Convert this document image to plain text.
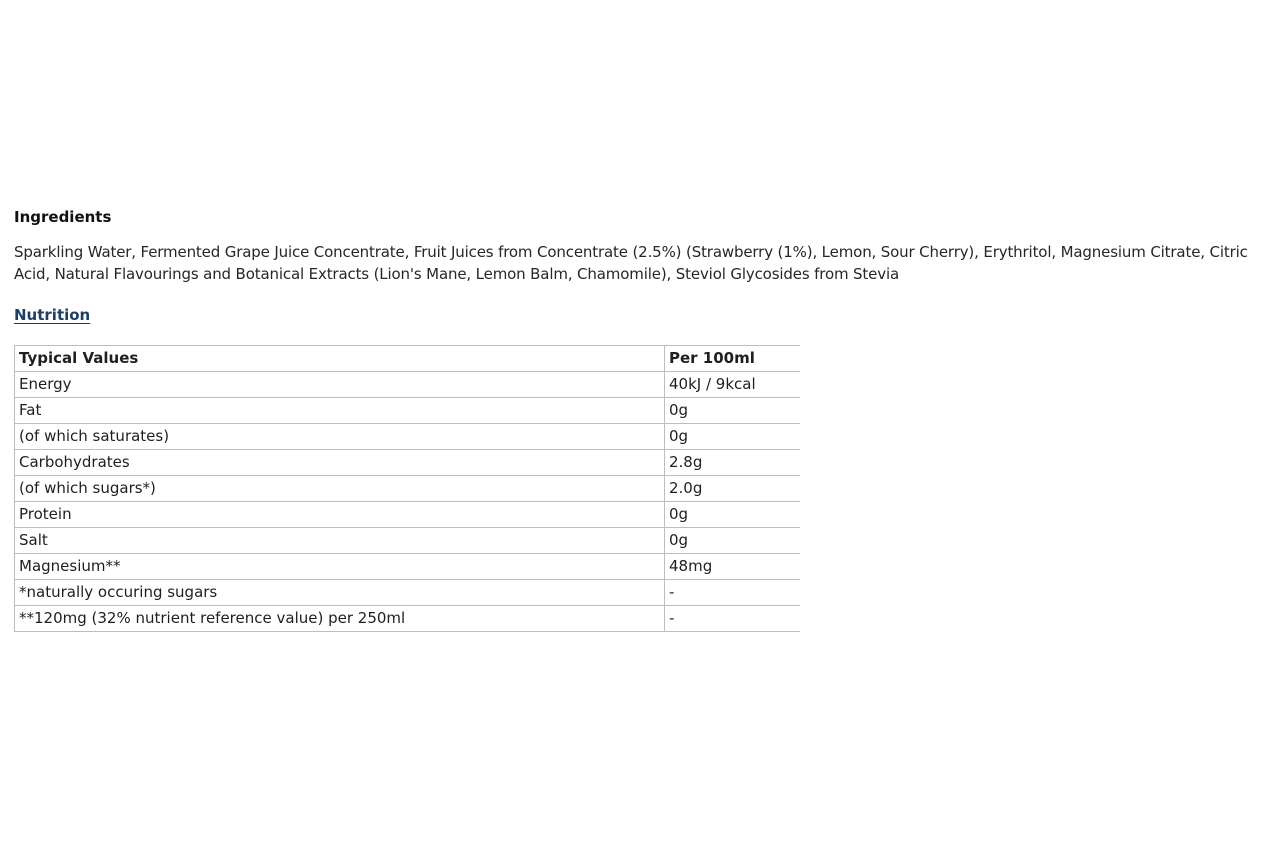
Ingredients

Sparkling Water, Fermented Grape Juice Concentrate, Fruit Juices from Concentrate (2.5%) (Strawberry (1%), Lemon, Sour Cherry), Erythritol, Magnesium Citrate, Citric Acid, Natural Flavourings and Botanical Extracts (Lion's Mane, Lemon Balm, Chamomile), Steviol Glycosides from Stevia

Nutrition
Typical Values	Per 100ml
Energy	40kJ / 9kcal
Fat	0g
(of which saturates)	0g
Carbohydrates	2.8g
(of which sugars*)	2.0g
Protein	0g
Salt	0g
Magnesium**	48mg
*naturally occuring sugars	-
**120mg (32% nutrient reference value) per 250ml	-
